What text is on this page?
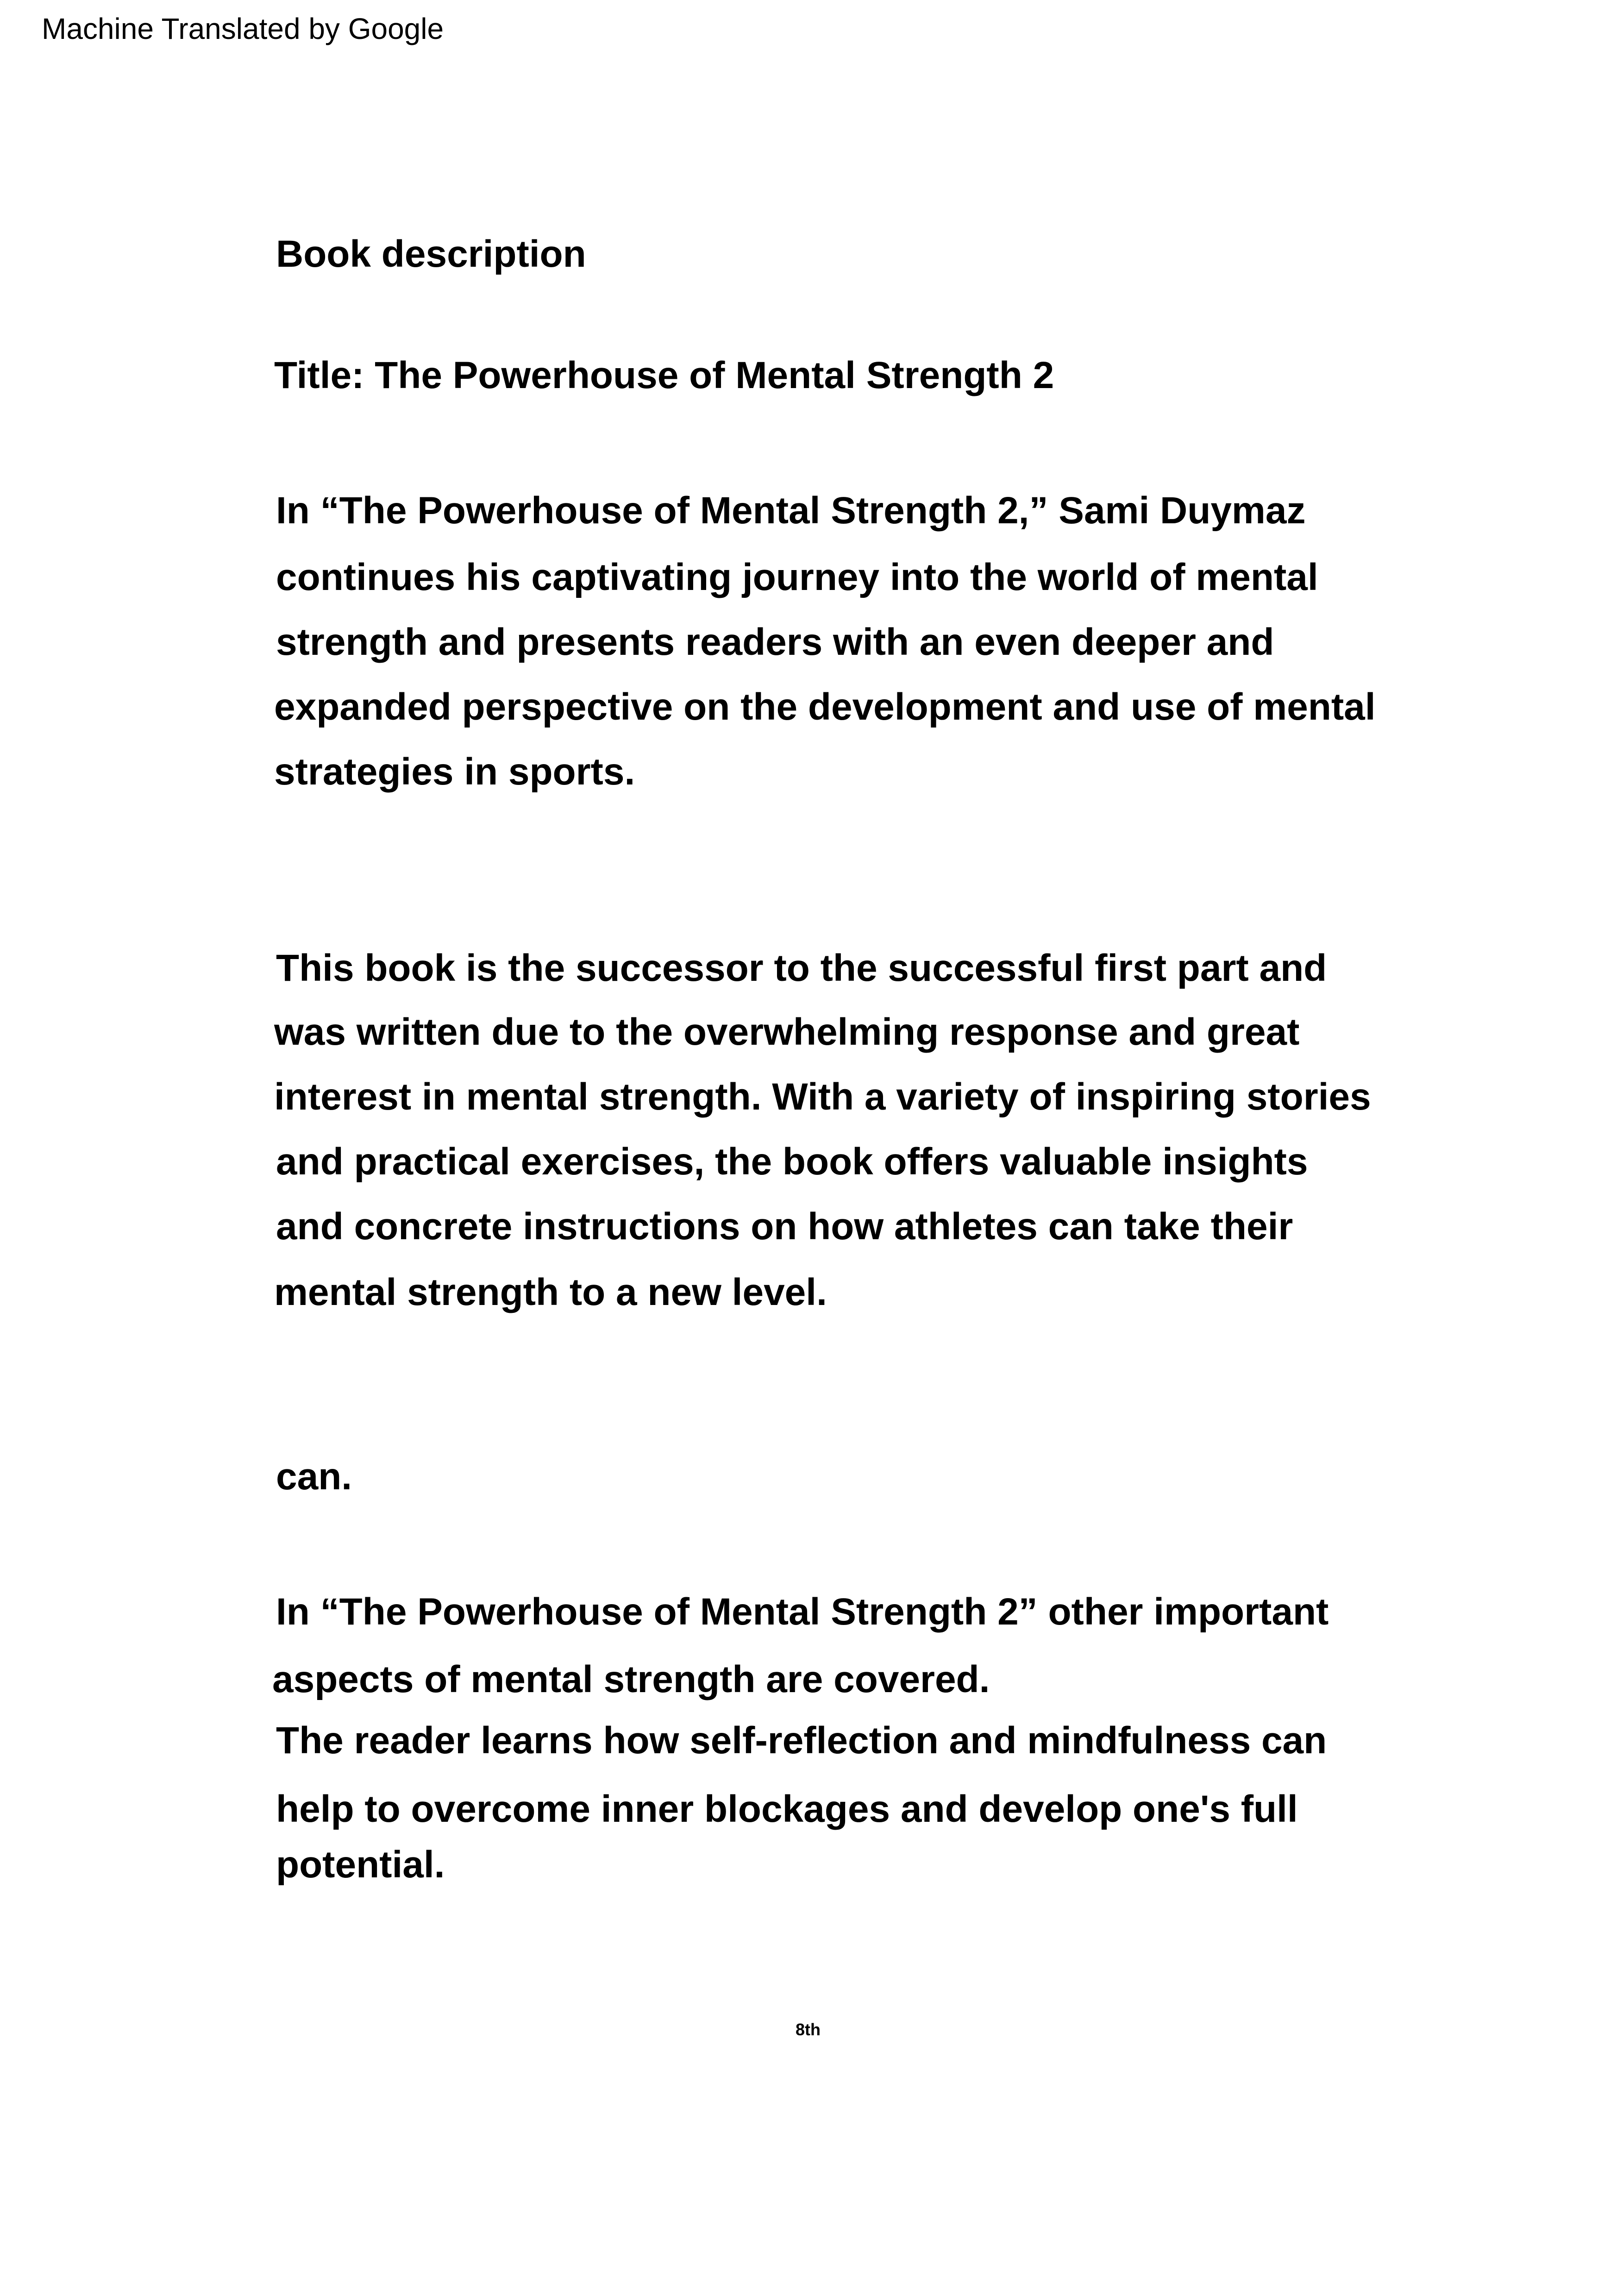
Machine Translated by Google
Book description
Title: The Powerhouse of Mental Strength 2
In “The Powerhouse of Mental Strength 2,” Sami Duymaz
continues his captivating journey into the world of mental
strength and presents readers with an even deeper and
expanded perspective on the development and use of mental
strategies in sports.
This book is the successor to the successful first part and
was written due to the overwhelming response and great
interest in mental strength. With a variety of inspiring stories
and practical exercises, the book offers valuable insights
and concrete instructions on how athletes can take their
mental strength to a new level.
can.
In “The Powerhouse of Mental Strength 2” other important
aspects of mental strength are covered.
The reader learns how self-reflection and mindfulness can
help to overcome inner blockages and develop one's full
potential.
8th
